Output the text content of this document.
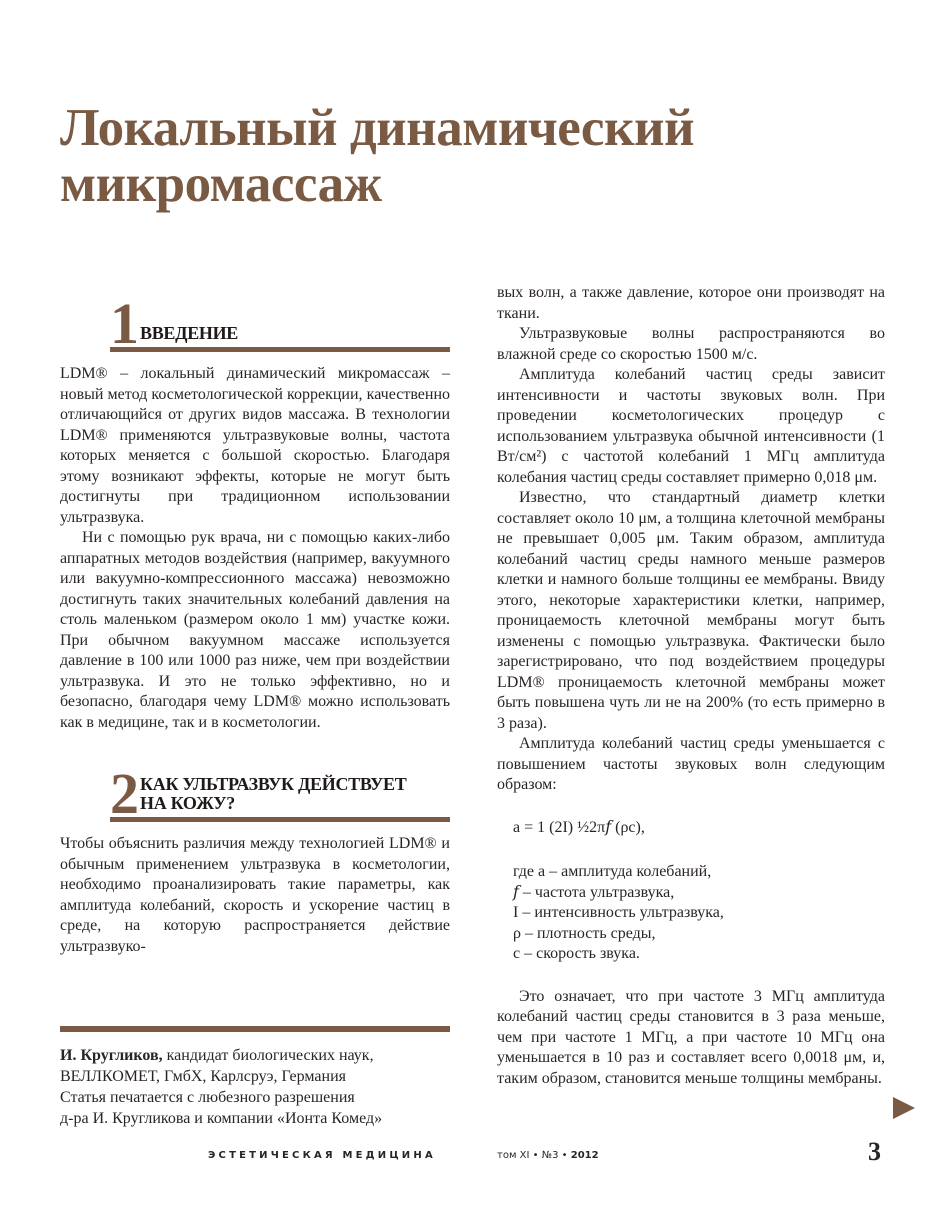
Локальный динамический микромассаж
1 ВВЕДЕНИЕ

LDM® – локальный динамический микромассаж – новый метод косметологической коррекции, качественно отличающийся от других видов массажа. В технологии LDM® применяются ультразвуковые волны, частота которых меняется с большой скоростью. Благодаря этому возникают эффекты, которые не могут быть достигнуты при традиционном использовании ультразвука.

Ни с помощью рук врача, ни с помощью каких-либо аппаратных методов воздействия (например, вакуумного или вакуумно-компрессионного массажа) невозможно достигнуть таких значительных колебаний давления на столь маленьком (размером около 1 мм) участке кожи. При обычном вакуумном массаже используется давление в 100 или 1000 раз ниже, чем при воздействии ультразвука. И это не только эффективно, но и безопасно, благодаря чему LDM® можно использовать как в медицине, так и в косметологии.

2 КАК УЛЬТРАЗВУК ДЕЙСТВУЕТ
НА КОЖУ?

Чтобы объяснить различия между технологией LDM® и обычным применением ультразвука в косметологии, необходимо проанализировать такие параметры, как амплитуда колебаний, скорость и ускорение частиц в среде, на которую распространяется действие ультразвуко-

вых волн, а также давление, которое они производят на ткани.

Ультразвуковые волны распространяются во влажной среде со скоростью 1500 м/с.

Амплитуда колебаний частиц среды зависит интенсивности и частоты звуковых волн. При проведении косметологических процедур с использованием ультразвука обычной интенсивности (1 Вт/см²) с частотой колебаний 1 МГц амплитуда колебания частиц среды составляет примерно 0,018 μм.

Известно, что стандартный диаметр клетки составляет около 10 μм, а толщина клеточной мембраны не превышает 0,005 μм. Таким образом, амплитуда колебаний частиц среды намного меньше размеров клетки и намного больше толщины ее мембраны. Ввиду этого, некоторые характеристики клетки, например, проницаемость клеточной мембраны могут быть изменены с помощью ультразвука. Фактически было зарегистрировано, что под воздействием процедуры LDM® проницаемость клеточной мембраны может быть повышена чуть ли не на 200% (то есть примерно в 3 раза).

Амплитуда колебаний частиц среды уменьшается с повышением частоты звуковых волн следующим образом:

a = 1 (2I) ½2π𝑓 (ρc),

где a – амплитуда колебаний,
𝑓 – частота ультразвука,
I – интенсивность ультразвука,
ρ – плотность среды,
c – скорость звука.

Это означает, что при частоте 3 МГц амплитуда колебаний частиц среды становится в 3 раза меньше, чем при частоте 1 МГц, а при частоте 10 МГц она уменьшается в 10 раз и составляет всего 0,0018 μм, и, таким образом, становится меньше толщины мембраны.

И. Кругликов, кандидат биологических наук,
ВЕЛЛКОМЕТ, ГмбХ, Карлсруэ, Германия
Статья печатается с любезного разрешения
д-ра И. Кругликова и компании «Ионта Комед»
ЭСТЕТИЧЕСКАЯ МЕДИЦИНА	том XI • №3 • 2012	3
